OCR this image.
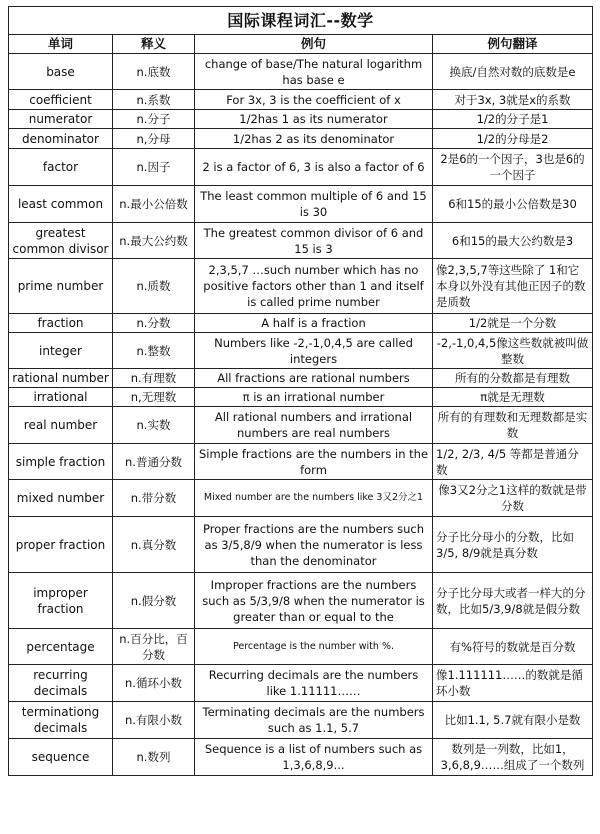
国际课程词汇--数学			
单词	释义	例句	例句翻译
base	n.底数	change of base/The natural logarithm has base e	换底/自然对数的底数是e
coefficient	n.系数	For 3x, 3 is the coefficient of x	对于3x, 3就是x的系数
numerator	n.分子	1/2has 1 as its numerator	1/2的分子是1
denominator	n,分母	1/2has 2 as its denominator	1/2的分母是2
factor	n.因子	2 is a factor of 6, 3 is also a factor of 6	2是6的一个因子，3也是6的一个因子
least common	n.最小公倍数	The least common multiple of 6 and 15 is 30	6和15的最小公倍数是30
greatest common divisor	n.最大公约数	The greatest common divisor of 6 and 15 is 3	6和15的最大公约数是3
prime number	n.质数	2,3,5,7 …such number which has no positive factors other than 1 and itself is called prime number	像2,3,5,7等这些除了 1和它本身以外没有其他正因子的数是质数
fraction	n.分数	A half is a fraction	1/2就是一个分数
integer	n.整数	Numbers like -2,-1,0,4,5 are called integers	-2,-1,0,4,5像这些数就被叫做整数
rational number	n.有理数	All fractions are rational numbers	所有的分数都是有理数
irrational	n,无理数	π is an irrational number	π就是无理数
real number	n.实数	All rational numbers and irrational numbers are real numbers	所有的有理数和无理数都是实数
simple fraction	n.普通分数	Simple fractions are the numbers in the form	1/2, 2/3, 4/5 等都是普通分数
mixed number	n.带分数	Mixed number are the numbers like 3又2分之1	像3又2分之1这样的数就是带分数
proper fraction	n.真分数	Proper fractions are the numbers such as 3/5,8/9 when the numerator is less than the denominator	分子比分母小的分数，比如3/5, 8/9就是真分数
improper fraction	n.假分数	Improper fractions are the numbers such as 5/3,9/8 when the numerator is greater than or equal to the	分子比分母大或者一样大的分数，比如5/3,9/8就是假分数
percentage	n.百分比，百分数	Percentage is the number with %.	有%符号的数就是百分数
recurring decimals	n.循环小数	Recurring decimals are the numbers like 1.11111……	像1.111111……的数就是循环小数
terminationg decimals	n.有限小数	Terminating decimals are the numbers such as 1.1, 5.7	比如1.1, 5.7就有限小是数
sequence	n.数列	Sequence is a list of numbers such as 1,3,6,8,9...	数列是一列数，比如1，3,6,8,9……组成了一个数列
